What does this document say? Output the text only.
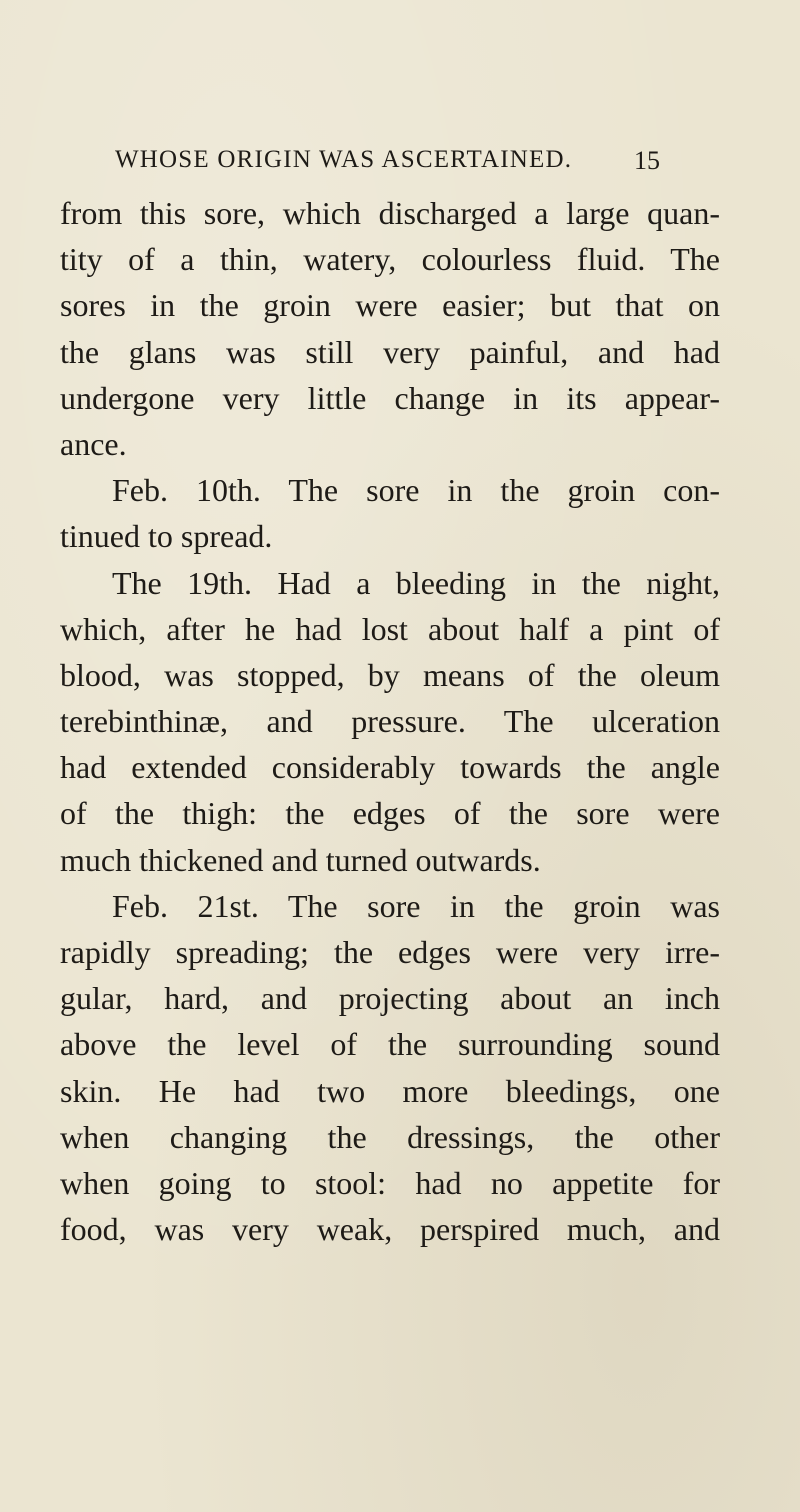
WHOSE ORIGIN WAS ASCERTAINED. 15
from this sore, which discharged a large quan-
tity of a thin, watery, colourless fluid. The
sores in the groin were easier; but that on
the glans was still very painful, and had
undergone very little change in its appear-
ance.
Feb. 10th. The sore in the groin con-
tinued to spread.
The 19th. Had a bleeding in the night,
which, after he had lost about half a pint of
blood, was stopped, by means of the oleum
terebinthinæ, and pressure. The ulceration
had extended considerably towards the angle
of the thigh: the edges of the sore were
much thickened and turned outwards.
Feb. 21st. The sore in the groin was
rapidly spreading; the edges were very irre-
gular, hard, and projecting about an inch
above the level of the surrounding sound
skin. He had two more bleedings, one
when changing the dressings, the other
when going to stool: had no appetite for
food, was very weak, perspired much, and
